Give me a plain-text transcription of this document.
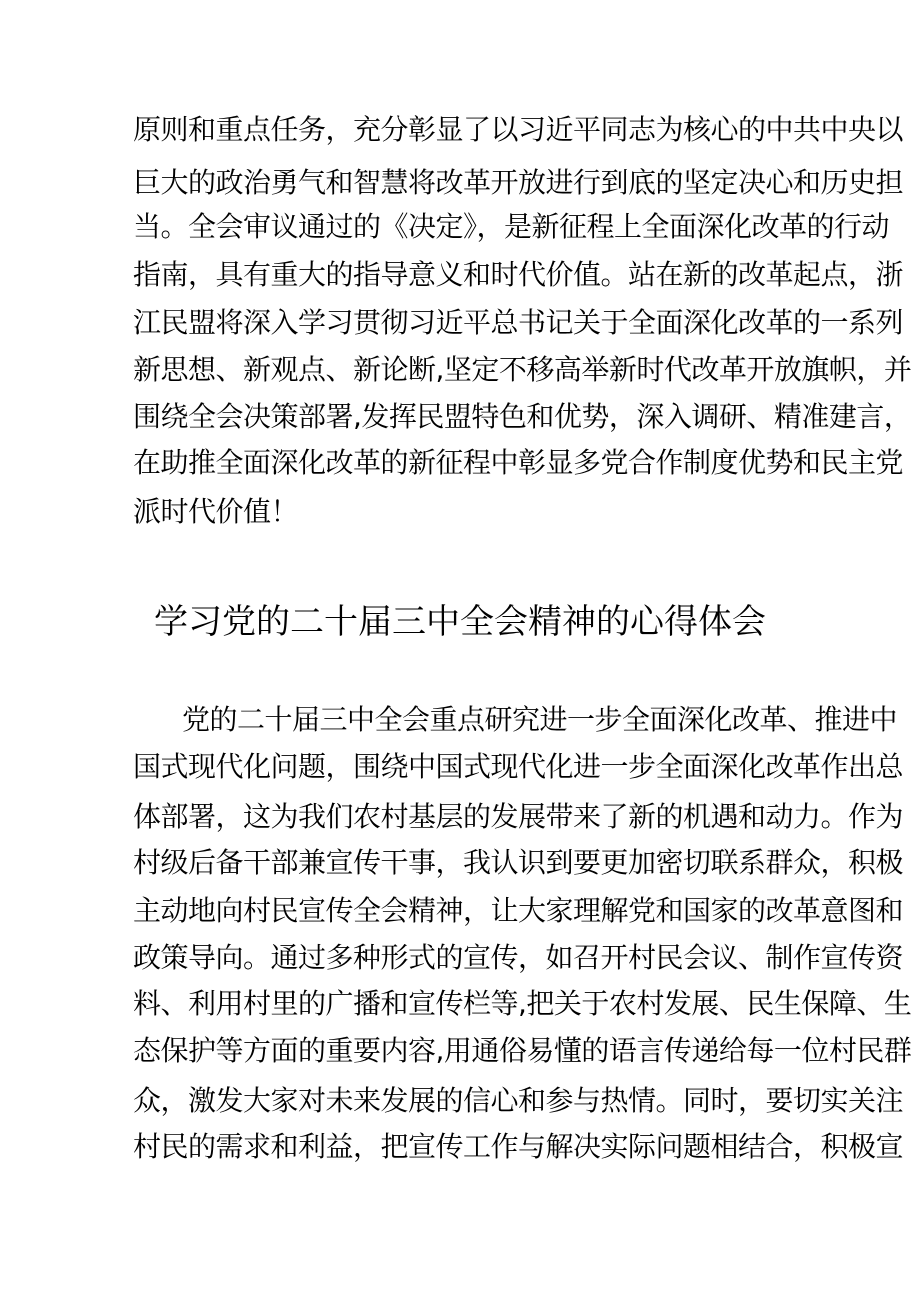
原则和重点任务，充分彰显了以习近平同志为核心的中共中央以
巨大的政治勇气和智慧将改革开放进行到底的坚定决心和历史担
当。全会审议通过的《决定》，是新征程上全面深化改革的行动
指南，具有重大的指导意义和时代价值。站在新的改革起点，浙
江民盟将深入学习贯彻习近平总书记关于全面深化改革的一系列
新思想、新观点、新论断,坚定不移高举新时代改革开放旗帜，并
围绕全会决策部署,发挥民盟特色和优势，深入调研、精准建言，
在助推全面深化改革的新征程中彰显多党合作制度优势和民主党
派时代价值！
学习党的二十届三中全会精神的心得体会
党的二十届三中全会重点研究进一步全面深化改革、推进中
国式现代化问题，围绕中国式现代化进一步全面深化改革作出总
体部署，这为我们农村基层的发展带来了新的机遇和动力。作为
村级后备干部兼宣传干事，我认识到要更加密切联系群众，积极
主动地向村民宣传全会精神，让大家理解党和国家的改革意图和
政策导向。通过多种形式的宣传，如召开村民会议、制作宣传资
料、利用村里的广播和宣传栏等,把关于农村发展、民生保障、生
态保护等方面的重要内容,用通俗易懂的语言传递给每一位村民群
众，激发大家对未来发展的信心和参与热情。同时，要切实关注
村民的需求和利益，把宣传工作与解决实际问题相结合，积极宣
